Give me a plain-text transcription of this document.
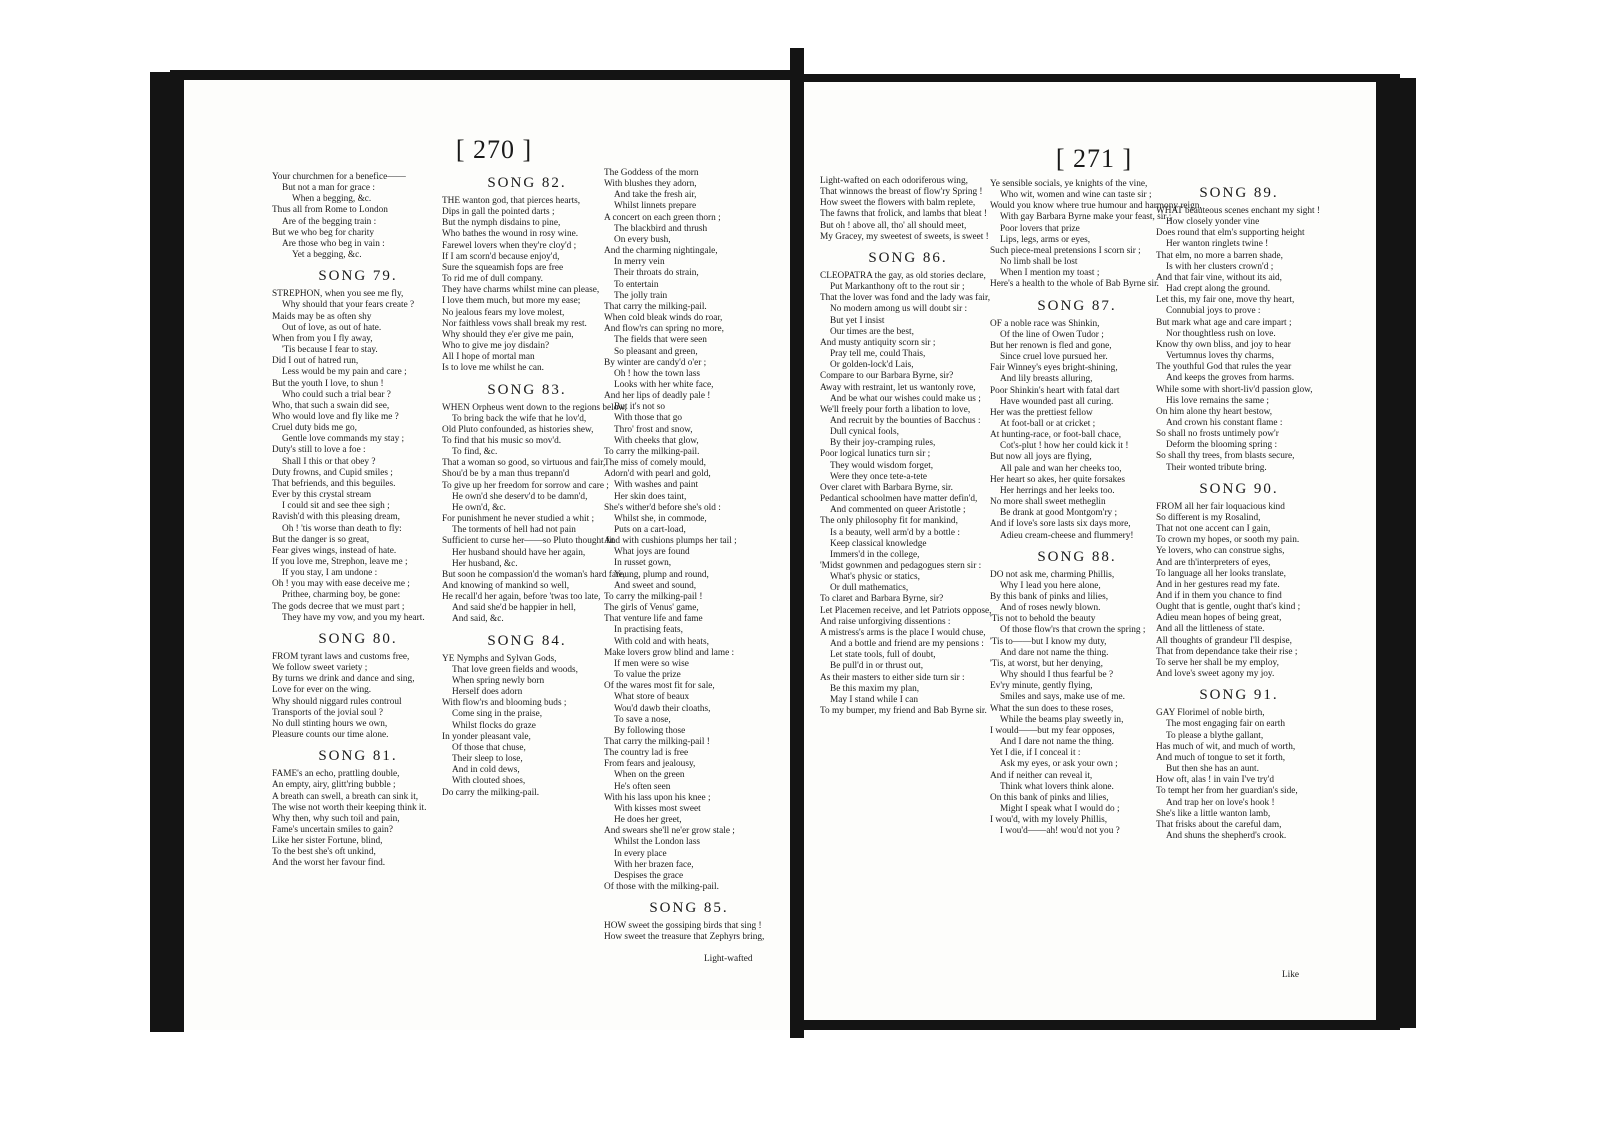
[ 270 ]
Your churchmen for a benefice——
But not a man for grace :
When a begging, &c.
Thus all from Rome to London
Are of the begging train :
But we who beg for charity
Are those who beg in vain :
Yet a begging, &c.
SONG 79.
STREPHON, when you see me fly,
Why should that your fears create ?
Maids may be as often shy
Out of love, as out of hate.
When from you I fly away,
'Tis because I fear to stay.
Did I out of hatred run,
Less would be my pain and care ;
But the youth I love, to shun !
Who could such a trial bear ?
Who, that such a swain did see,
Who would love and fly like me ?
Cruel duty bids me go,
Gentle love commands my stay ;
Duty's still to love a foe :
Shall I this or that obey ?
Duty frowns, and Cupid smiles ;
That befriends, and this beguiles.
Ever by this crystal stream
I could sit and see thee sigh ;
Ravish'd with this pleasing dream,
Oh ! 'tis worse than death to fly:
But the danger is so great,
Fear gives wings, instead of hate.
If you love me, Strephon, leave me ;
If you stay, I am undone :
Oh ! you may with ease deceive me ;
Prithee, charming boy, be gone:
The gods decree that we must part ;
They have my vow, and you my heart.
SONG 80.
FROM tyrant laws and customs free,
We follow sweet variety ;
By turns we drink and dance and sing,
Love for ever on the wing.
Why should niggard rules controul
Transports of the jovial soul ?
No dull stinting hours we own,
Pleasure counts our time alone.
SONG 81.
FAME's an echo, prattling double,
An empty, airy, glitt'ring bubble ;
A breath can swell, a breath can sink it,
The wise not worth their keeping think it.
Why then, why such toil and pain,
Fame's uncertain smiles to gain?
Like her sister Fortune, blind,
To the best she's oft unkind,
And the worst her favour find.
SONG 82.
THE wanton god, that pierces hearts,
Dips in gall the pointed darts ;
But the nymph disdains to pine,
Who bathes the wound in rosy wine.
Farewel lovers when they're cloy'd ;
If I am scorn'd because enjoy'd,
Sure the squeamish fops are free
To rid me of dull company.
They have charms whilst mine can please,
I love them much, but more my ease;
No jealous fears my love molest,
Nor faithless vows shall break my rest.
Why should they e'er give me pain,
Who to give me joy disdain?
All I hope of mortal man
Is to love me whilst he can.
SONG 83.
WHEN Orpheus went down to the regions below,
To bring back the wife that he lov'd,
Old Pluto confounded, as histories shew,
To find that his music so mov'd.
To find, &c.
That a woman so good, so virtuous and fair,
Shou'd be by a man thus trepann'd
To give up her freedom for sorrow and care ;
He own'd she deserv'd to be damn'd,
He own'd, &c.
For punishment he never studied a whit ;
The torments of hell had not pain
Sufficient to curse her——so Pluto thought fit
Her husband should have her again,
Her husband, &c.
But soon he compassion'd the woman's hard fate,
And knowing of mankind so well,
He recall'd her again, before 'twas too late,
And said she'd be happier in hell,
And said, &c.
SONG 84.
YE Nymphs and Sylvan Gods,
That love green fields and woods,
When spring newly born
Herself does adorn
With flow'rs and blooming buds ;
Come sing in the praise,
Whilst flocks do graze
In yonder pleasant vale,
Of those that chuse,
Their sleep to lose,
And in cold dews,
With clouted shoes,
Do carry the milking-pail.
The Goddess of the morn
With blushes they adorn,
And take the fresh air,
Whilst linnets prepare
A concert on each green thorn ;
The blackbird and thrush
On every bush,
And the charming nightingale,
In merry vein
Their throats do strain,
To entertain
The jolly train
That carry the milking-pail.
When cold bleak winds do roar,
And flow'rs can spring no more,
The fields that were seen
So pleasant and green,
By winter are candy'd o'er ;
Oh ! how the town lass
Looks with her white face,
And her lips of deadly pale !
But it's not so
With those that go
Thro' frost and snow,
With cheeks that glow,
To carry the milking-pail.
The miss of comely mould,
Adorn'd with pearl and gold,
With washes and paint
Her skin does taint,
She's wither'd before she's old :
Whilst she, in commode,
Puts on a cart-load,
And with cushions plumps her tail ;
What joys are found
In russet gown,
Young, plump and round,
And sweet and sound,
To carry the milking-pail !
The girls of Venus' game,
That venture life and fame
In practising feats,
With cold and with heats,
Make lovers grow blind and lame :
If men were so wise
To value the prize
Of the wares most fit for sale,
What store of beaux
Wou'd dawb their cloaths,
To save a nose,
By following those
That carry the milking-pail !
The country lad is free
From fears and jealousy,
When on the green
He's often seen
With his lass upon his knee ;
With kisses most sweet
He does her greet,
And swears she'll ne'er grow stale ;
Whilst the London lass
In every place
With her brazen face,
Despises the grace
Of those with the milking-pail.
SONG 85.
HOW sweet the gossiping birds that sing !
How sweet the treasure that Zephyrs bring,
Light-wafted
[ 271 ]
Light-wafted on each odoriferous wing,
That winnows the breast of flow'ry Spring !
How sweet the flowers with balm replete,
The fawns that frolick, and lambs that bleat !
But oh ! above all, tho' all should meet,
My Gracey, my sweetest of sweets, is sweet !
SONG 86.
CLEOPATRA the gay, as old stories declare,
Put Markanthony oft to the rout sir ;
That the lover was fond and the lady was fair,
No modern among us will doubt sir :
But yet I insist
Our times are the best,
And musty antiquity scorn sir ;
Pray tell me, could Thais,
Or golden-lock'd Lais,
Compare to our Barbara Byrne, sir?
Away with restraint, let us wantonly rove,
And be what our wishes could make us ;
We'll freely pour forth a libation to love,
And recruit by the bounties of Bacchus :
Dull cynical fools,
By their joy-cramping rules,
Poor logical lunatics turn sir ;
They would wisdom forget,
Were they once tete-a-tete
Over claret with Barbara Byrne, sir.
Pedantical schoolmen have matter defin'd,
And commented on queer Aristotle ;
The only philosophy fit for mankind,
Is a beauty, well arm'd by a bottle :
Keep classical knowledge
Immers'd in the college,
'Midst gownmen and pedagogues stern sir :
What's physic or statics,
Or dull mathematics,
To claret and Barbara Byrne, sir?
Let Placemen receive, and let Patriots oppose,
And raise unforgiving dissentions :
A mistress's arms is the place I would chuse,
And a bottle and friend are my pensions :
Let state tools, full of doubt,
Be pull'd in or thrust out,
As their masters to either side turn sir :
Be this maxim my plan,
May I stand while I can
To my bumper, my friend and Bab Byrne sir.
Ye sensible socials, ye knights of the vine,
Who wit, women and wine can taste sir ;
Would you know where true humour and harmony reign,
With gay Barbara Byrne make your feast, sir ;
Poor lovers that prize
Lips, legs, arms or eyes,
Such piece-meal pretensions I scorn sir ;
No limb shall be lost
When I mention my toast ;
Here's a health to the whole of Bab Byrne sir.
SONG 87.
OF a noble race was Shinkin,
Of the line of Owen Tudor ;
But her renown is fled and gone,
Since cruel love pursued her.
Fair Winney's eyes bright-shining,
And lily breasts alluring,
Poor Shinkin's heart with fatal dart
Have wounded past all curing.
Her was the prettiest fellow
At foot-ball or at cricket ;
At hunting-race, or foot-ball chace,
Cot's-plut ! how her could kick it !
But now all joys are flying,
All pale and wan her cheeks too,
Her heart so akes, her quite forsakes
Her herrings and her leeks too.
No more shall sweet metheglin
Be drank at good Montgom'ry ;
And if love's sore lasts six days more,
Adieu cream-cheese and flummery!
SONG 88.
DO not ask me, charming Phillis,
Why I lead you here alone,
By this bank of pinks and lilies,
And of roses newly blown.
'Tis not to behold the beauty
Of those flow'rs that crown the spring ;
'Tis to——but I know my duty,
And dare not name the thing.
'Tis, at worst, but her denying,
Why should I thus fearful be ?
Ev'ry minute, gently flying,
Smiles and says, make use of me.
What the sun does to these roses,
While the beams play sweetly in,
I would——but my fear opposes,
And I dare not name the thing.
Yet I die, if I conceal it :
Ask my eyes, or ask your own ;
And if neither can reveal it,
Think what lovers think alone.
On this bank of pinks and lilies,
Might I speak what I would do ;
I wou'd, with my lovely Phillis,
I wou'd——ah! wou'd not you ?
SONG 89.
WHAT beauteous scenes enchant my sight !
How closely yonder vine
Does round that elm's supporting height
Her wanton ringlets twine !
That elm, no more a barren shade,
Is with her clusters crown'd ;
And that fair vine, without its aid,
Had crept along the ground.
Let this, my fair one, move thy heart,
Connubial joys to prove :
But mark what age and care impart ;
Nor thoughtless rush on love.
Know thy own bliss, and joy to hear
Vertumnus loves thy charms,
The youthful God that rules the year
And keeps the groves from harms.
While some with short-liv'd passion glow,
His love remains the same ;
On him alone thy heart bestow,
And crown his constant flame :
So shall no frosts untimely pow'r
Deform the blooming spring :
So shall thy trees, from blasts secure,
Their wonted tribute bring.
SONG 90.
FROM all her fair loquacious kind
So different is my Rosalind,
That not one accent can I gain,
To crown my hopes, or sooth my pain.
Ye lovers, who can construe sighs,
And are th'interpreters of eyes,
To language all her looks translate,
And in her gestures read my fate.
And if in them you chance to find
Ought that is gentle, ought that's kind ;
Adieu mean hopes of being great,
And all the littleness of state.
All thoughts of grandeur I'll despise,
That from dependance take their rise ;
To serve her shall be my employ,
And love's sweet agony my joy.
SONG 91.
GAY Florimel of noble birth,
The most engaging fair on earth
To please a blythe gallant,
Has much of wit, and much of worth,
And much of tongue to set it forth,
But then she has an aunt.
How oft, alas ! in vain I've try'd
To tempt her from her guardian's side,
And trap her on love's hook !
She's like a little wanton lamb,
That frisks about the careful dam,
And shuns the shepherd's crook.
Like
